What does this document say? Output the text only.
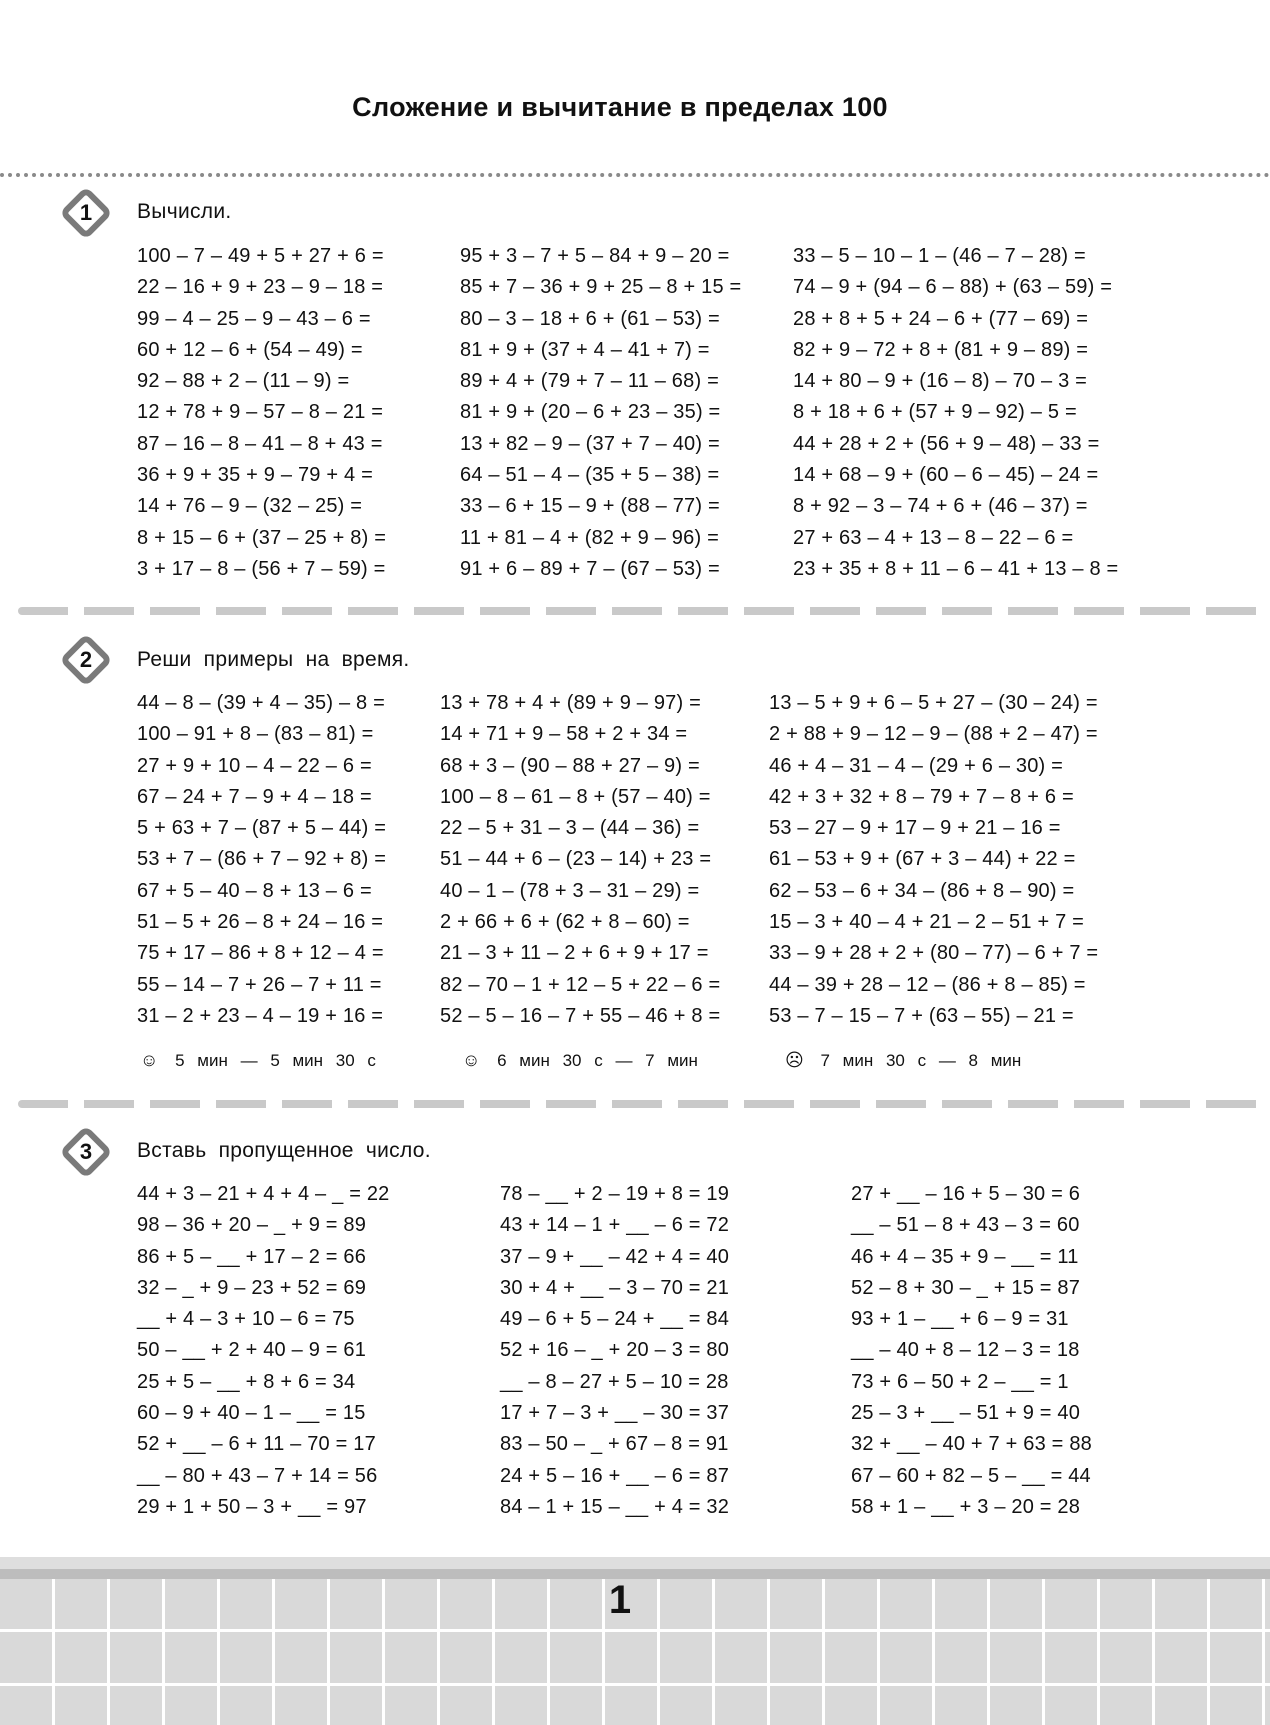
Сложение и вычитание в пределах 100
1	Вычисли.
100 – 7 – 49 + 5 + 27 + 6 =
22 – 16 + 9 + 23 – 9 – 18 =
99 – 4 – 25 – 9 – 43 – 6 =
60 + 12 – 6 + (54 – 49) =
92 – 88 + 2 – (11 – 9) =
12 + 78 + 9 – 57 – 8 – 21 =
87 – 16 – 8 – 41 – 8 + 43 =
36 + 9 + 35 + 9 – 79 + 4 =
14 + 76 – 9 – (32 – 25) =
8 + 15 – 6 + (37 – 25 + 8) =
3 + 17 – 8 – (56 + 7 – 59) =
95 + 3 – 7 + 5 – 84 + 9 – 20 =
85 + 7 – 36 + 9 + 25 – 8 + 15 =
80 – 3 – 18 + 6 + (61 – 53) =
81 + 9 + (37 + 4 – 41 + 7) =
89 + 4 + (79 + 7 – 11 – 68) =
81 + 9 + (20 – 6 + 23 – 35) =
13 + 82 – 9 – (37 + 7 – 40) =
64 – 51 – 4 – (35 + 5 – 38) =
33 – 6 + 15 – 9 + (88 – 77) =
11 + 81 – 4 + (82 + 9 – 96) =
91 + 6 – 89 + 7 – (67 – 53) =
33 – 5 – 10 – 1 – (46 – 7 – 28) =
74 – 9 + (94 – 6 – 88) + (63 – 59) =
28 + 8 + 5 + 24 – 6 + (77 – 69) =
82 + 9 – 72 + 8 + (81 + 9 – 89) =
14 + 80 – 9 + (16 – 8) – 70 – 3 =
8 + 18 + 6 + (57 + 9 – 92) – 5 =
44 + 28 + 2 + (56 + 9 – 48) – 33 =
14 + 68 – 9 + (60 – 6 – 45) – 24 =
8 + 92 – 3 – 74 + 6 + (46 – 37) =
27 + 63 – 4 + 13 – 8 – 22 – 6 =
23 + 35 + 8 + 11 – 6 – 41 + 13 – 8 =
2	Реши примеры на время.
44 – 8 – (39 + 4 – 35) – 8 =
100 – 91 + 8 – (83 – 81) =
27 + 9 + 10 – 4 – 22 – 6 =
67 – 24 + 7 – 9 + 4 – 18 =
5 + 63 + 7 – (87 + 5 – 44) =
53 + 7 – (86 + 7 – 92 + 8) =
67 + 5 – 40 – 8 + 13 – 6 =
51 – 5 + 26 – 8 + 24 – 16 =
75 + 17 – 86 + 8 + 12 – 4 =
55 – 14 – 7 + 26 – 7 + 11 =
31 – 2 + 23 – 4 – 19 + 16 =
13 + 78 + 4 + (89 + 9 – 97) =
14 + 71 + 9 – 58 + 2 + 34 =
68 + 3 – (90 – 88 + 27 – 9) =
100 – 8 – 61 – 8 + (57 – 40) =
22 – 5 + 31 – 3 – (44 – 36) =
51 – 44 + 6 – (23 – 14) + 23 =
40 – 1 – (78 + 3 – 31 – 29) =
2 + 66 + 6 + (62 + 8 – 60) =
21 – 3 + 11 – 2 + 6 + 9 + 17 =
82 – 70 – 1 + 12 – 5 + 22 – 6 =
52 – 5 – 16 – 7 + 55 – 46 + 8 =
13 – 5 + 9 + 6 – 5 + 27 – (30 – 24) =
2 + 88 + 9 – 12 – 9 – (88 + 2 – 47) =
46 + 4 – 31 – 4 – (29 + 6 – 30) =
42 + 3 + 32 + 8 – 79 + 7 – 8 + 6 =
53 – 27 – 9 + 17 – 9 + 21 – 16 =
61 – 53 + 9 + (67 + 3 – 44) + 22 =
62 – 53 – 6 + 34 – (86 + 8 – 90) =
15 – 3 + 40 – 4 + 21 – 2 – 51 + 7 =
33 – 9 + 28 + 2 + (80 – 77) – 6 + 7 =
44 – 39 + 28 – 12 – (86 + 8 – 85) =
53 – 7 – 15 – 7 + (63 – 55) – 21 =
☺ 5 мин — 5 мин 30 с	☺ 6 мин 30 с — 7 мин	☹ 7 мин 30 с — 8 мин
3	Вставь пропущенное число.
44 + 3 – 21 + 4 + 4 – _ = 22
98 – 36 + 20 – _ + 9 = 89
86 + 5 – __ + 17 – 2 = 66
32 – _ + 9 – 23 + 52 = 69
__ + 4 – 3 + 10 – 6 = 75
50 – __ + 2 + 40 – 9 = 61
25 + 5 – __ + 8 + 6 = 34
60 – 9 + 40 – 1 – __ = 15
52 + __ – 6 + 11 – 70 = 17
__ – 80 + 43 – 7 + 14 = 56
29 + 1 + 50 – 3 + __ = 97
78 – __ + 2 – 19 + 8 = 19
43 + 14 – 1 + __ – 6 = 72
37 – 9 + __ – 42 + 4 = 40
30 + 4 + __ – 3 – 70 = 21
49 – 6 + 5 – 24 + __ = 84
52 + 16 – _ + 20 – 3 = 80
__ – 8 – 27 + 5 – 10 = 28
17 + 7 – 3 + __ – 30 = 37
83 – 50 – _ + 67 – 8 = 91
24 + 5 – 16 + __ – 6 = 87
84 – 1 + 15 – __ + 4 = 32
27 + __ – 16 + 5 – 30 = 6
__ – 51 – 8 + 43 – 3 = 60
46 + 4 – 35 + 9 – __ = 11
52 – 8 + 30 – _ + 15 = 87
93 + 1 – __ + 6 – 9 = 31
__ – 40 + 8 – 12 – 3 = 18
73 + 6 – 50 + 2 – __ = 1
25 – 3 + __ – 51 + 9 = 40
32 + __ – 40 + 7 + 63 = 88
67 – 60 + 82 – 5 – __ = 44
58 + 1 – __ + 3 – 20 = 28
1
